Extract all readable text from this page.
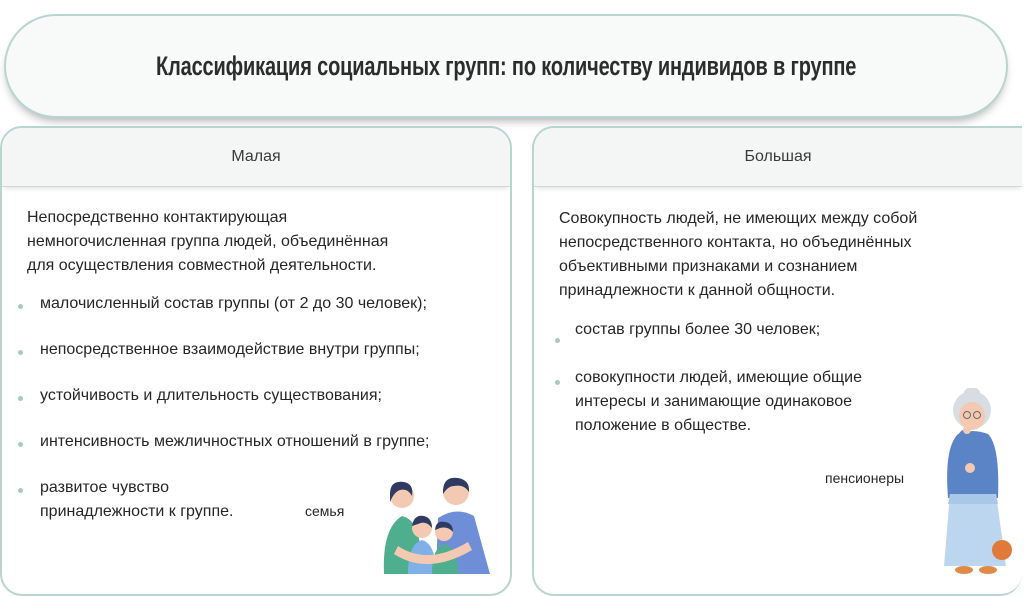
Классификация социальных групп: по количеству индивидов в группе
Малая
Непосредственно контактирующая
немногочисленная группа людей, объединённая
для осуществления совместной деятельности.
малочисленный состав группы (от 2 до 30 человек);
непосредственное взаимодействие внутри группы;
устойчивость и длительность существования;
интенсивность межличностных отношений в группе;
развитое чувство
принадлежности к группе.	семья
Большая
Совокупность людей, не имеющих между собой
непосредственного контакта, но объединённых
объективными признаками и сознанием
принадлежности к данной общности.
состав группы более 30 человек;
совокупности людей, имеющие общие
интересы и занимающие одинаковое
положение в обществе.
пенсионеры
